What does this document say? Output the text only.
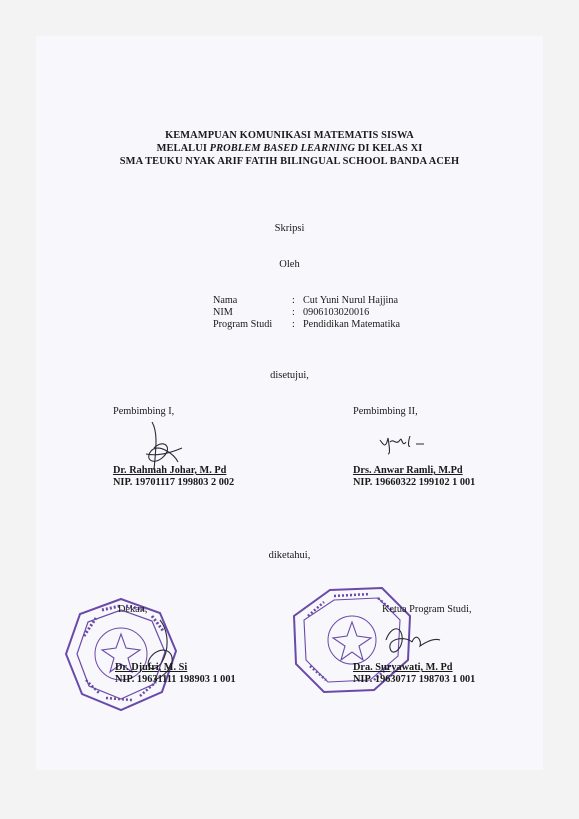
KEMAMPUAN KOMUNIKASI MATEMATIS SISWA
MELALUI PROBLEM BASED LEARNING DI KELAS XI
SMA TEUKU NYAK ARIF FATIH BILINGUAL SCHOOL BANDA ACEH
Skripsi
Oleh
Nama	: Cut Yuni Nurul Hajjina
NIM	: 0906103020016
Program Studi : Pendidikan Matematika
disetujui,
Pembimbing I,	Pembimbing II,
Dr. Rahmah Johar, M. Pd
NIP. 19701117 199803 2 002
Drs. Anwar Ramli, M.Pd
NIP. 19660322 199102 1 001
diketahui,
Dekan,
Dr. Djufri, M. Si
NIP. 19631111 198903 1 001
Ketua Program Studi,
Dra. Suryawati, M. Pd
NIP. 19630717 198703 1 001
